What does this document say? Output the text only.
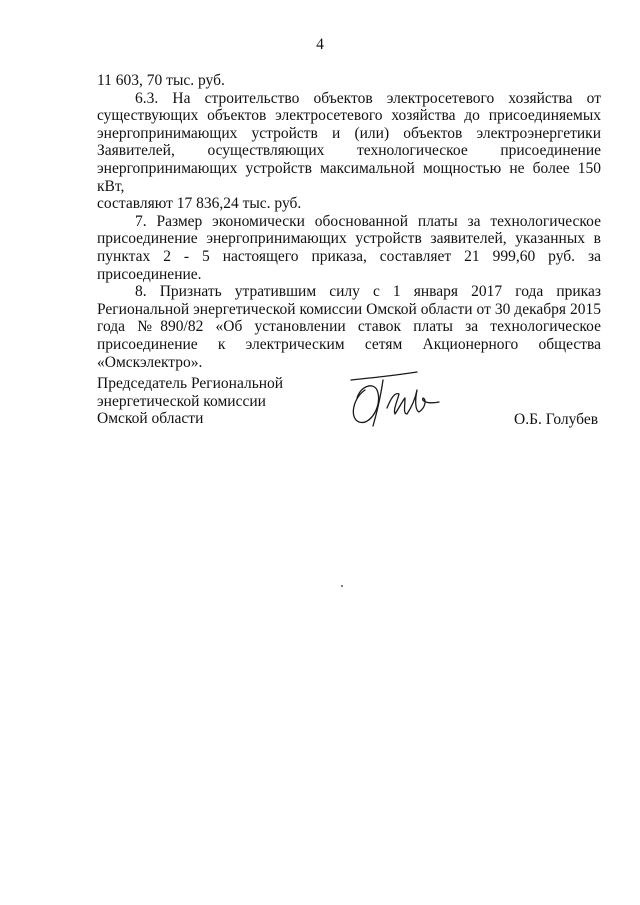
4
11 603, 70 тыс. руб.
6.3. На строительство объектов электросетевого хозяйства от
существующих объектов электросетевого хозяйства до присоединяемых
энергопринимающих устройств и (или) объектов электроэнергетики
Заявителей, осуществляющих технологическое присоединение
энергопринимающих устройств максимальной мощностью не более 150 кВт,
составляют 17 836,24 тыс. руб.
7. Размер экономически обоснованной платы за технологическое
присоединение энергопринимающих устройств заявителей, указанных в
пунктах 2 - 5 настоящего приказа, составляет 21 999,60 руб. за
присоединение.
8. Признать утратившим силу с 1 января 2017 года приказ
Региональной энергетической комиссии Омской области от 30 декабря 2015
года №890/82 «Об установлении ставок платы за технологическое
присоединение к электрическим сетям Акционерного общества
«Омскэлектро».
Председатель Региональной
энергетической комиссии
Омской области	О.Б. Голубев
